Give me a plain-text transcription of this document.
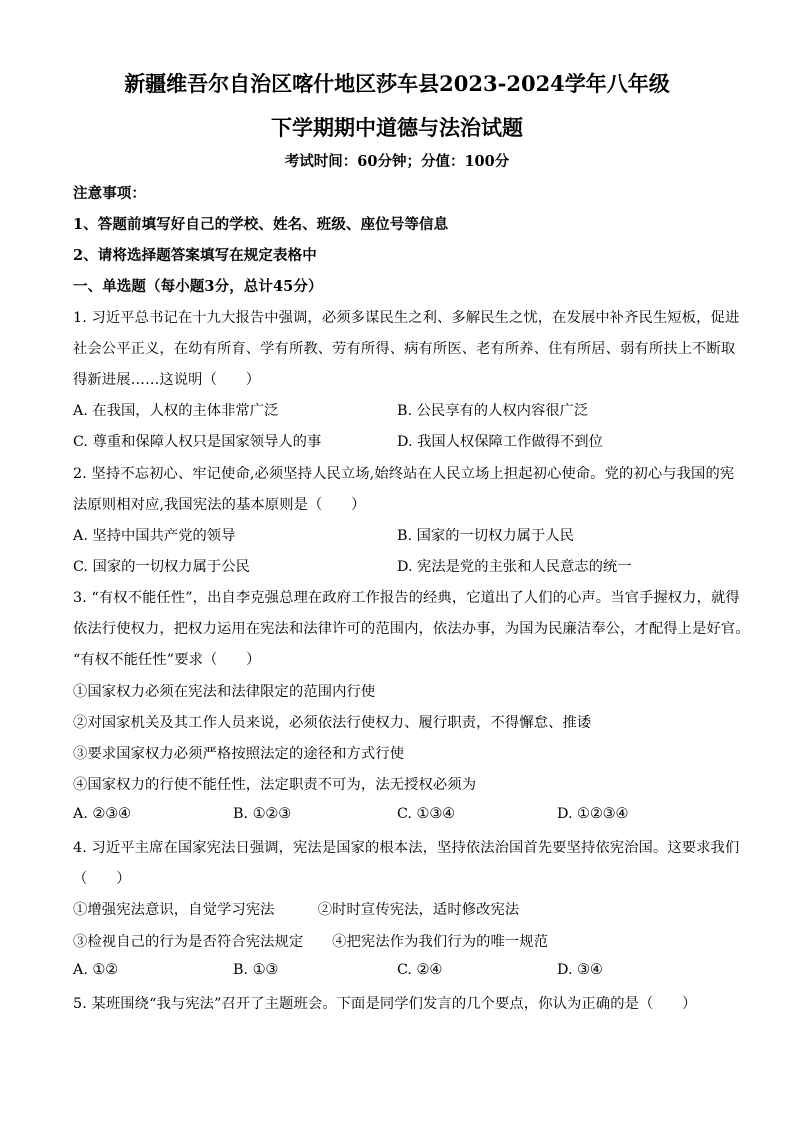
新疆维吾尔自治区喀什地区莎车县2023-2024学年八年级
下学期期中道德与法治试题
考试时间：60分钟；分值：100分
注意事项：
1、答题前填写好自己的学校、姓名、班级、座位号等信息
2、请将选择题答案填写在规定表格中
一、单选题（每小题3分，总计45分）
1. 习近平总书记在十九大报告中强调，必须多谋民生之利、多解民生之忧，在发展中补齐民生短板，促进
社会公平正义，在幼有所育、学有所教、劳有所得、病有所医、老有所养、住有所居、弱有所扶上不断取
得新进展……这说明（　　）
A. 在我国，人权的主体非常广泛	B. 公民享有的人权内容很广泛
C. 尊重和保障人权只是国家领导人的事	D. 我国人权保障工作做得不到位
2. 坚持不忘初心、牢记使命,必须坚持人民立场,始终站在人民立场上担起初心使命。党的初心与我国的宪
法原则相对应,我国宪法的基本原则是（　　）
A. 坚持中国共产党的领导	B. 国家的一切权力属于人民
C. 国家的一切权力属于公民	D. 宪法是党的主张和人民意志的统一
3. “有权不能任性”，出自李克强总理在政府工作报告的经典，它道出了人们的心声。当官手握权力，就得
依法行使权力，把权力运用在宪法和法律许可的范围内，依法办事，为国为民廉洁奉公，才配得上是好官。
“有权不能任性”要求（　　）
①国家权力必须在宪法和法律限定的范围内行使
②对国家机关及其工作人员来说，必须依法行使权力、履行职责，不得懈怠、推诿
③要求国家权力必须严格按照法定的途径和方式行使
④国家权力的行使不能任性，法定职责不可为，法无授权必须为
A. ②③④	B. ①②③	C. ①③④	D. ①②③④
4. 习近平主席在国家宪法日强调，宪法是国家的根本法，坚持依法治国首先要坚持依宪治国。这要求我们
（　　）
①增强宪法意识，自觉学习宪法　　　②时时宣传宪法，适时修改宪法
③检视自己的行为是否符合宪法规定　　④把宪法作为我们行为的唯一规范
A. ①②	B. ①③	C. ②④	D. ③④
5. 某班围绕“我与宪法”召开了主题班会。下面是同学们发言的几个要点，你认为正确的是（　　）
